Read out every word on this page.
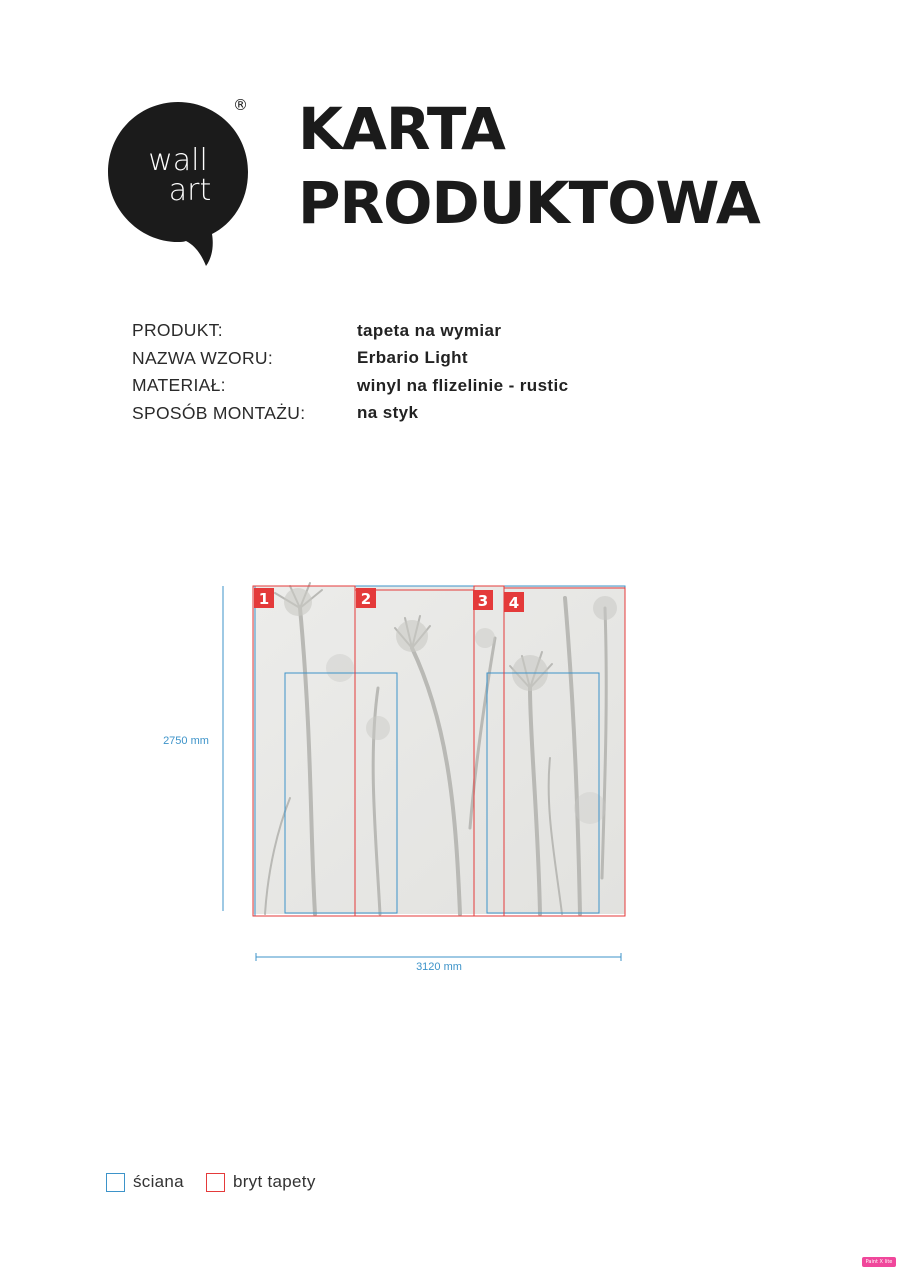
wall
art
® KARTA
PRODUKTOWA
PRODUKT:	tapeta na wymiar
NAZWA WZORU:	Erbario Light
MATERIAŁ:	winyl na flizelinie - rustic
SPOSÓB MONTAŻU:	na styk
1	2	3 4
2750 mm
3120 mm
ściana	bryt tapety
Paint X lite
